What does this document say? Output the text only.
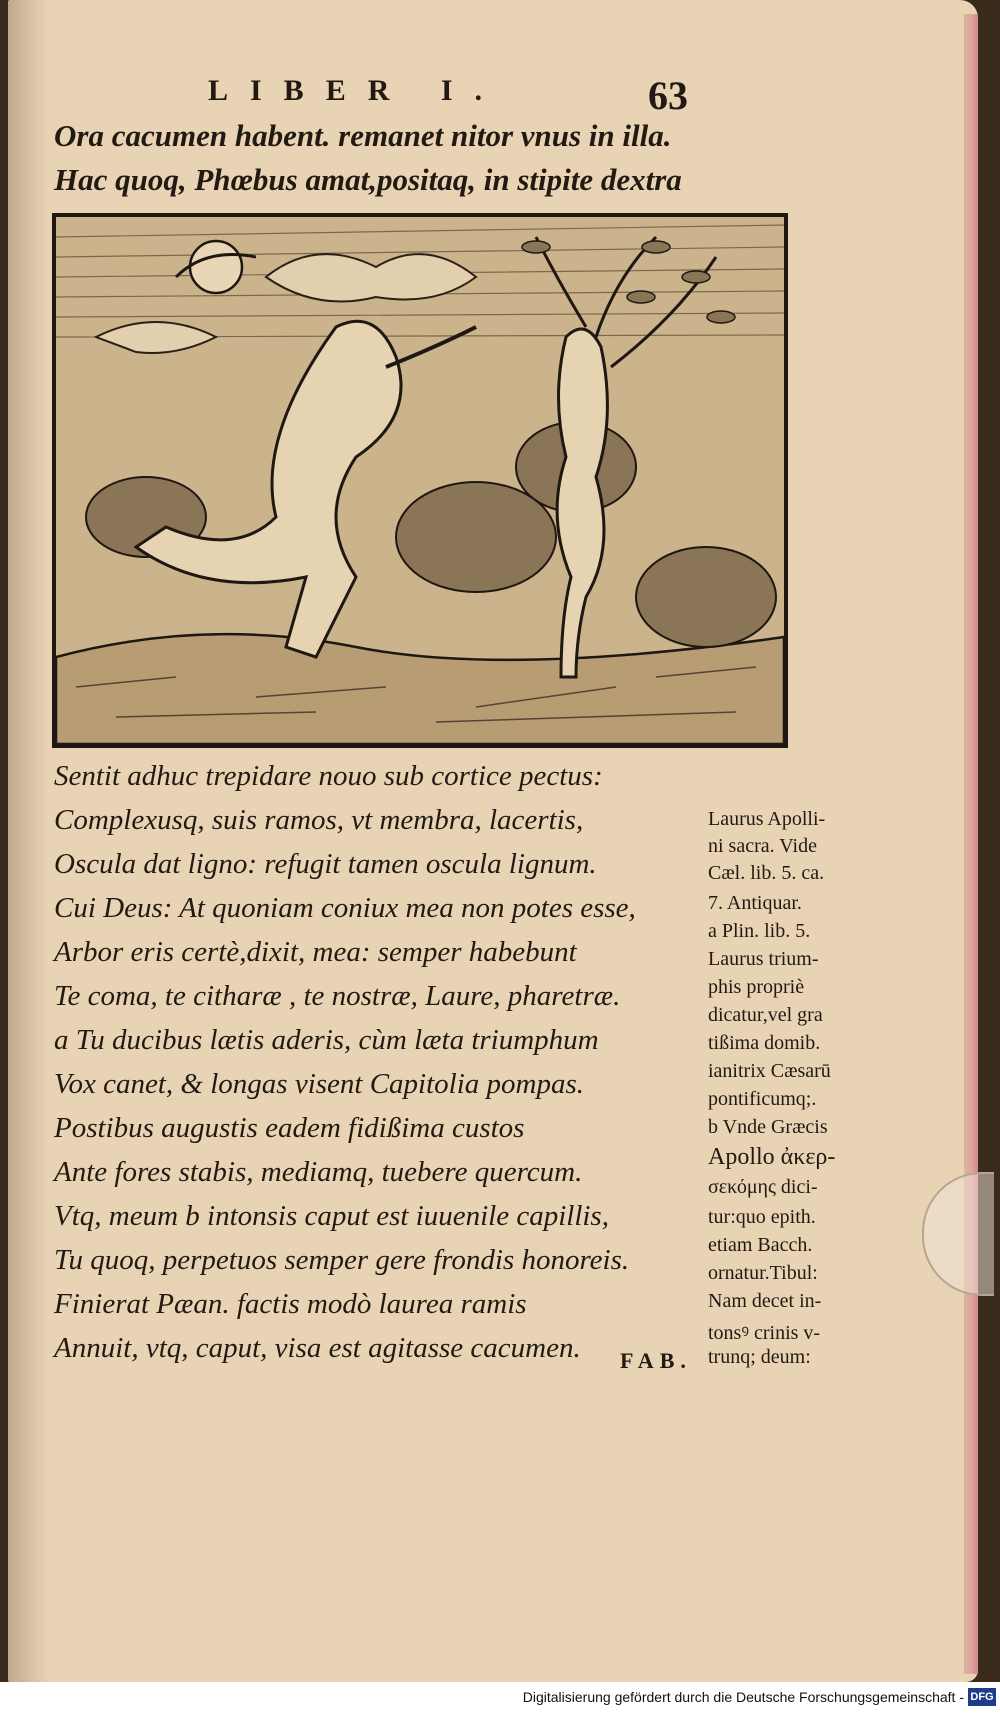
LIBER I.	63
Ora cacumen habent. remanet nitor vnus in illa.
Hac quoq, Phœbus amat,positaq, in stipite dextra
Sentit adhuc trepidare nouo sub cortice pectus:
Complexusq, suis ramos, vt membra, lacertis,
Oscula dat ligno: refugit tamen oscula lignum.
Cui Deus: At quoniam coniux mea non potes esse,
Arbor eris certè,dixit, mea: semper habebunt
Te coma, te citharæ , te nostræ, Laure, pharetræ.
a Tu ducibus lætis aderis, cùm læta triumphum
Vox canet, & longas visent Capitolia pompas.
Postibus augustis eadem fidißima custos
Ante fores stabis, mediamq, tuebere quercum.
Vtq, meum b intonsis caput est iuuenile capillis,
Tu quoq, perpetuos semper gere frondis honoreis.
Finierat Pæan. factis modò laurea ramis
Annuit, vtq, caput, visa est agitasse cacumen.
Laurus Apolli-
ni sacra. Vide
Cæl. lib. 5. ca.
7. Antiquar.
a Plin. lib. 5.
Laurus trium-
phis propriè
dicatur,vel gra
tißima domib.
ianitrix Cæsarū
pontificumq;.
b Vnde Græcis
Apollo ἀκερ-
σεκόμης dici-
tur:quo epith.
etiam Bacch.
ornatur.Tibul:
Nam decet in-
tonsꝰ crinis v-
trunq; deum:
FAB.
Digitalisierung gefördert durch die Deutsche Forschungsgemeinschaft - DFG
